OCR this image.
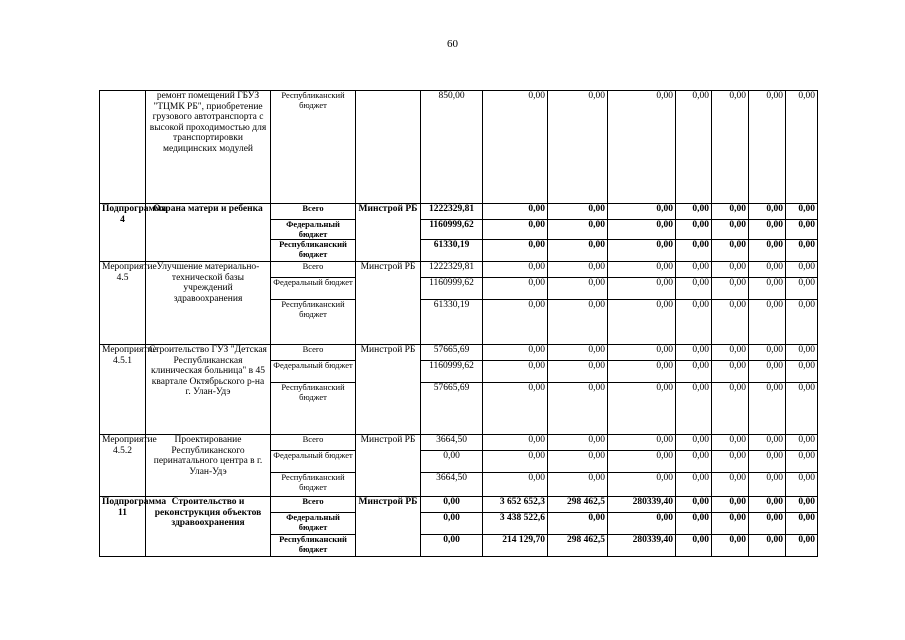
60
	ремонт помещений ГБУЗ "ТЦМК РБ", приобретение грузового автотранспорта с высокой проходимостью для транспортировки медицинских модулей	Республиканский бюджет		850,00	0,00	0,00	0,00	0,00	0,00	0,00	0,00
Подпрограмма 4	Охрана матери и ребенка	Всего	Минстрой РБ	1222329,81	0,00	0,00	0,00	0,00	0,00	0,00	0,00
		Федеральный бюджет		1160999,62	0,00	0,00	0,00	0,00	0,00	0,00	0,00
		Республиканский бюджет		61330,19	0,00	0,00	0,00	0,00	0,00	0,00	0,00
Мероприятие 4.5	Улучшение материально-технической базы учреждений здравоохранения	Всего	Минстрой РБ	1222329,81	0,00	0,00	0,00	0,00	0,00	0,00	0,00
		Федеральный бюджет		1160999,62	0,00	0,00	0,00	0,00	0,00	0,00	0,00
		Республиканский бюджет		61330,19	0,00	0,00	0,00	0,00	0,00	0,00	0,00
Мероприятие 4.5.1	Строительство ГУЗ "Детская Республиканская клиническая больница" в 45 квартале Октябрьского р-на г. Улан-Удэ	Всего	Минстрой РБ	57665,69	0,00	0,00	0,00	0,00	0,00	0,00	0,00
		Федеральный бюджет		1160999,62	0,00	0,00	0,00	0,00	0,00	0,00	0,00
		Республиканский бюджет		57665,69	0,00	0,00	0,00	0,00	0,00	0,00	0,00
Мероприятие 4.5.2	Проектирование Республиканского перинатального центра в г. Улан-Удэ	Всего	Минстрой РБ	3664,50	0,00	0,00	0,00	0,00	0,00	0,00	0,00
		Федеральный бюджет		0,00	0,00	0,00	0,00	0,00	0,00	0,00	0,00
		Республиканский бюджет		3664,50	0,00	0,00	0,00	0,00	0,00	0,00	0,00
Подпрограмма 11	Строительство и реконструкция объектов здравоохранения	Всего	Минстрой РБ	0,00	3 652 652,3	298 462,5	280339,40	0,00	0,00	0,00	0,00
		Федеральный бюджет		0,00	3 438 522,6	0,00	0,00	0,00	0,00	0,00	0,00
		Республиканский бюджет		0,00	214 129,70	298 462,5	280339,40	0,00	0,00	0,00	0,00
